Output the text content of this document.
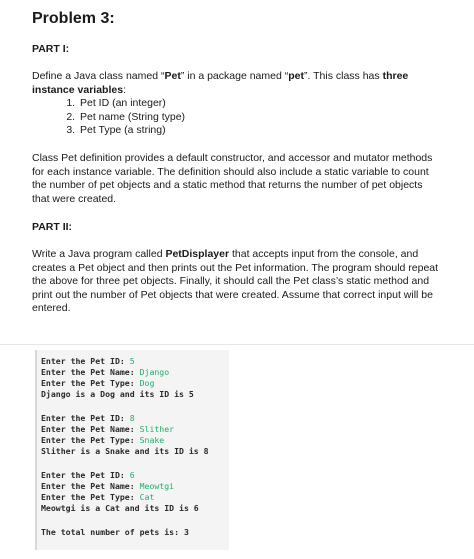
Problem 3:
PART I:

Define a Java class named “Pet” in a package named “pet”. This class has three instance variables:

1. Pet ID (an integer)
2. Pet name (String type)
3. Pet Type (a string)

Class Pet definition provides a default constructor, and accessor and mutator methods for each instance variable. The definition should also include a static variable to count the number of pet objects and a static method that returns the number of pet objects that were created.

PART II:

Write a Java program called PetDisplayer that accepts input from the console, and creates a Pet object and then prints out the Pet information. The program should repeat the above for three pet objects. Finally, it should call the Pet class’s static method and print out the number of Pet objects that were created. Assume that correct input will be entered.

Enter the Pet ID: 5
Enter the Pet Name: Django
Enter the Pet Type: Dog
Django is a Dog and its ID is 5
Enter the Pet ID: 8
Enter the Pet Name: Slither
Enter the Pet Type: Snake
Slither is a Snake and its ID is 8
Enter the Pet ID: 6
Enter the Pet Name: Meowtgi
Enter the Pet Type: Cat
Meowtgi is a Cat and its ID is 6
The total number of pets is: 3
